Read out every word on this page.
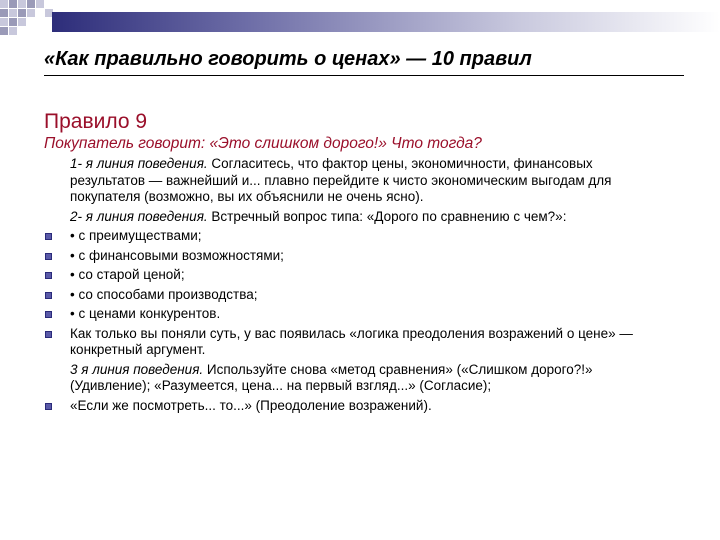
«Как правильно говорить о ценах» — 10 правил
Правило 9
Покупатель говорит: «Это слишком дорого!» Что тогда?
1- я линия поведения. Согласитесь, что фактор цены, экономичности, финансовых результатов — важнейший и... плавно перейдите к чисто экономическим выгодам для покупателя (возможно, вы их объяснили не очень ясно).
2- я линия поведения. Встречный вопрос типа: «Дорого по сравнению с чем?»:
• с преимуществами;
• с финансовыми возможностями;
• со старой ценой;
• со способами производства;
• с ценами конкурентов.
Как только вы поняли суть, у вас появилась «логика преодоления возражений о цене» — конкретный аргумент.
3 я линия поведения. Используйте снова «метод сравнения» («Слишком дорого?!» (Удивление); «Разумеется, цена... на первый взгляд...» (Согласие);
«Если же посмотреть... то...» (Преодоление возражений).
